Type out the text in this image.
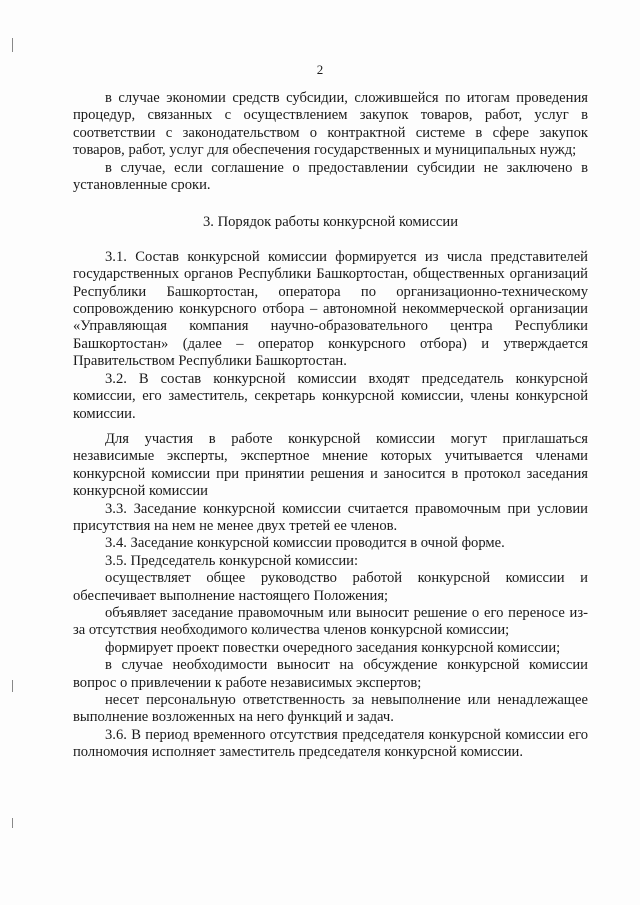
2

в случае экономии средств субсидии, сложившейся по итогам проведения процедур, связанных с осуществлением закупок товаров, работ, услуг в соответствии с законодательством о контрактной системе в сфере закупок товаров, работ, услуг для обеспечения государственных и муниципальных нужд;

в случае, если соглашение о предоставлении субсидии не заключено в установленные сроки.

3. Порядок работы конкурсной комиссии

3.1. Состав конкурсной комиссии формируется из числа представителей государственных органов Республики Башкортостан, общественных организаций Республики Башкортостан, оператора по организационно-техническому сопровождению конкурсного отбора – автономной некоммерческой организации «Управляющая компания научно-образовательного центра Республики Башкортостан» (далее – оператор конкурсного отбора) и утверждается Правительством Республики Башкортостан.

3.2. В состав конкурсной комиссии входят председатель конкурсной комиссии, его заместитель, секретарь конкурсной комиссии, члены конкурсной комиссии.

Для участия в работе конкурсной комиссии могут приглашаться независимые эксперты, экспертное мнение которых учитывается членами конкурсной комиссии при принятии решения и заносится в протокол заседания конкурсной комиссии

3.3. Заседание конкурсной комиссии считается правомочным при условии присутствия на нем не менее двух третей ее членов.

3.4. Заседание конкурсной комиссии проводится в очной форме.

3.5. Председатель конкурсной комиссии:

осуществляет общее руководство работой конкурсной комиссии и обеспечивает выполнение настоящего Положения;

объявляет заседание правомочным или выносит решение о его переносе из-за отсутствия необходимого количества членов конкурсной комиссии;

формирует проект повестки очередного заседания конкурсной комиссии;

в случае необходимости выносит на обсуждение конкурсной комиссии вопрос о привлечении к работе независимых экспертов;

несет персональную ответственность за невыполнение или ненадлежащее выполнение возложенных на него функций и задач.

3.6. В период временного отсутствия председателя конкурсной комиссии его полномочия исполняет заместитель председателя конкурсной комиссии.
